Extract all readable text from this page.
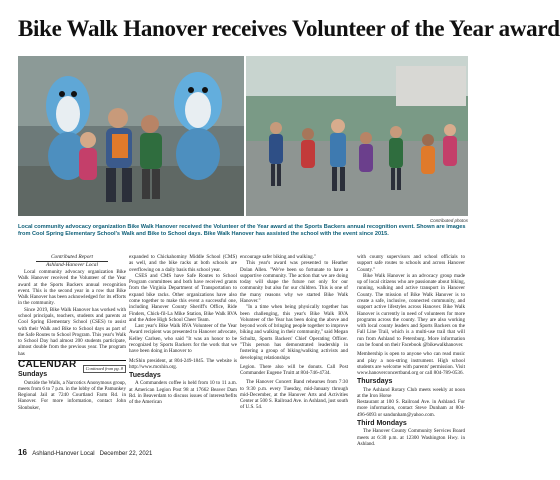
Bike Walk Hanover receives Volunteer of the Year award
Contributed photos
Local community advocacy organization Bike Walk Hanover received the Volunteer of the Year award at the Sports Backers annual recognition event. Shown are images from Cool Spring Elementary School's Walk and Bike to School days. Bike Walk Hanover has assisted the school with the event since 2015.
Contributed Report
Ashland-Hanover Local

Local community advocacy organization Bike Walk Hanover received the Volunteer of the Year award at the Sports Backers annual recognition event. This is the second year in a row that Bike Walk Hanover has been acknowledged for its efforts in the community.

Since 2019, Bike Walk Hanover has worked with school principals, teachers, students and parents at Cool Spring Elementary School (CSES) to assist with their Walk and Bike to School days as part of the Safe Routes to School Program. This year's Walk to School Day had almost 200 students participate, almost double from the previous year. The program has

CALENDAR	Continued from pg. 8
Sundays

Outside the Walls, a Narcotics Anonymous group, meets from 6 to 7 p.m. in the lobby of the Pamunkey Regional Jail at 7240 Courtland Farm Rd. in Hanover. For more information, contact John Slonbuker,

expanded to Chickahominy Middle School (CMS) as well, and the bike racks at both schools are overflowing on a daily basis this school year.

CSES and CMS have Safe Routes to School Program committees and both have received grants from the Virginia Department of Transportation to expand bike racks. Other organizations have also come together to make this event a successful one, including Hanover County Sheriff's Office, Ride Finders, Chick-fil-La Mike Station, Bike Walk RVA and the Atlee High School Cheer Team.

Last year's Bike Walk RVA Volunteer of the Year Award recipient was presented to Hanover advocate, Kelley Carlsen, who said "It was an honor to be recognized by Sports Backers for the work that we have been doing in Hanover to

McShin president, at 804-249-1845. The website is http://www.mcshin.org.

Tuesdays

A Commanders coffee is held from 10 to 11 a.m. at American Legion Post 98 at 17662 Beaver Dam Rd. in Beaverdam to discuss issues of interest/befits of the American

encourage safer biking and walking."

This year's award was presented to Heather Dolan Allen. "We've been so fortunate to have a supportive community. The action that we are doing today will shape the future not only for our community but also for our children. This is one of the many reasons why we started Bike Walk Hanover."

"In a time when being physically together has been challenging, this year's Bike Walk RVA Volunteer of the Year has been doing the above and beyond work of bringing people together to improve biking and walking in their community," said Megan Schultz, Sports Backers' Chief Operating Officer. "This person has demonstrated leadership in fostering a group of biking/walking activists and developing relationships

Legion. There also will be donuts. Call Post Commander Eugene Truitt at 804-746-4734.

The Hanover Concert Band rehearses from 7:30 to 9:30 p.m. every Tuesday, mid-January through mid-December, at the Hanover Arts and Activities Center at 500 S. Railroad Ave. in Ashland, just south of U.S. 54.

with county supervisors and school officials to support safe routes to schools and across Hanover County."

Bike Walk Hanover is an advocacy group made up of local citizens who are passionate about biking, running, walking and active transport in Hanover County. The mission of Bike Walk Hanover is to create a safe, inclusive, connected community, and support active lifestyles across Hanover. Bike Walk Hanover is currently in need of volunteers for more programs across the county. They are also working with local county leaders and Sports Backers on the Fall Line Trail, which is a multi-use trail that will run from Ashland to Petersburg. More information can be found on their Facebook @bikewalkhanover.

Membership is open to anyone who can read music and play a non-string instrument. High school students are welcome with parents' permission. Visit www.hanoverconcertband.org or call 804-789-0536.

Thursdays

The Ashland Rotary Club meets weekly at noon at the Iron Horse

Restaurant at 100 S. Railroad Ave. in Ashland. For more information, contact Steve Dunham at 804-496-6093 or sandunham@yahoo.com.

Third Mondays

The Hanover County Community Services Board meets at 6:30 p.m. at 12300 Washington Hwy. in Ashland.

16 Ashland-Hanover Local December 22, 2021
